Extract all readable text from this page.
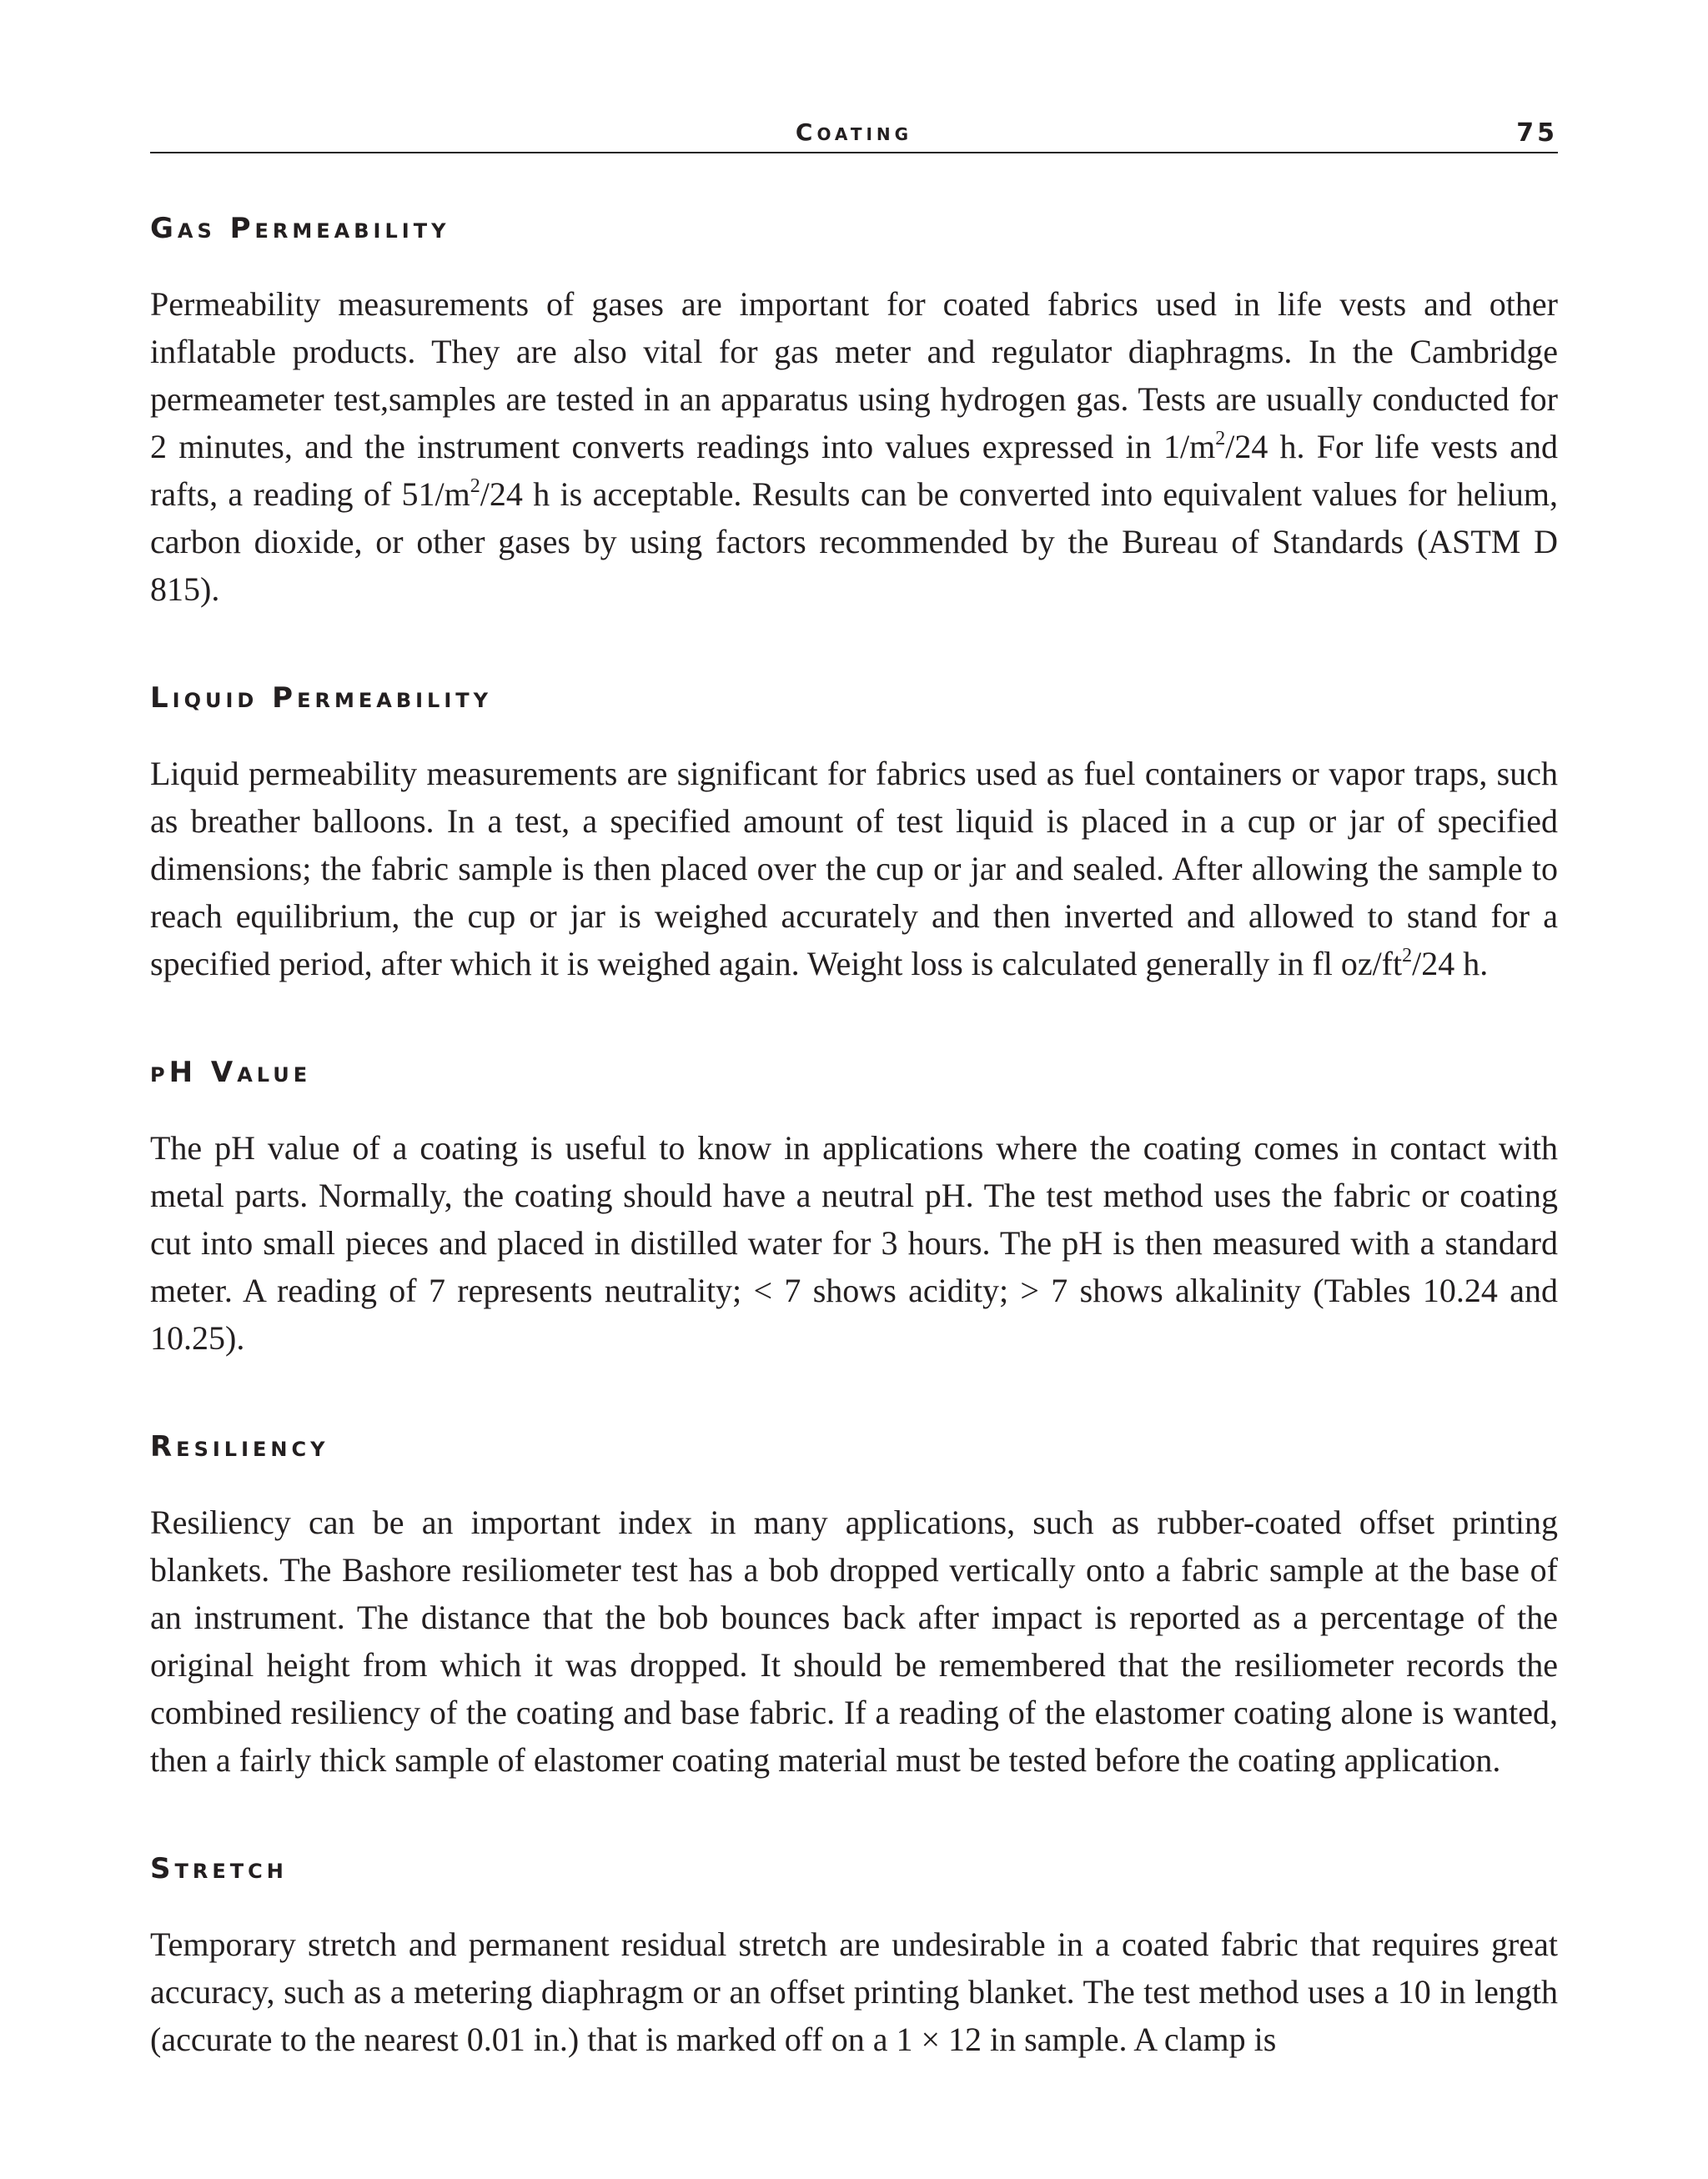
Coating	75
Gas Permeability

Permeability measurements of gases are important for coated fabrics used in life vests and other inflatable products. They are also vital for gas meter and regulator diaphragms. In the Cambridge permeameter test,samples are tested in an apparatus using hydrogen gas. Tests are usually conducted for 2 minutes, and the instrument converts readings into values expressed in $1/m^2/24$ h. For life vests and rafts, a reading of $51/m^2/24$ h is acceptable. Results can be converted into equivalent values for helium, carbon dioxide, or other gases by using factors recommended by the Bureau of Standards (ASTM D 815).

Liquid Permeability

Liquid permeability measurements are significant for fabrics used as fuel containers or vapor traps, such as breather balloons. In a test, a specified amount of test liquid is placed in a cup or jar of specified dimensions; the fabric sample is then placed over the cup or jar and sealed. After allowing the sample to reach equilibrium, the cup or jar is weighed accurately and then inverted and allowed to stand for a specified period, after which it is weighed again. Weight loss is calculated generally in fl $oz/ft^2/24$ h.

pH Value

The pH value of a coating is useful to know in applications where the coating comes in contact with metal parts. Normally, the coating should have a neutral pH. The test method uses the fabric or coating cut into small pieces and placed in distilled water for 3 hours. The pH is then measured with a standard meter. A reading of 7 represents neutrality; < 7 shows acidity; > 7 shows alkalinity (Tables 10.24 and 10.25).

Resiliency

Resiliency can be an important index in many applications, such as rubber-coated offset printing blankets. The Bashore resiliometer test has a bob dropped vertically onto a fabric sample at the base of an instrument. The distance that the bob bounces back after impact is reported as a percentage of the original height from which it was dropped. It should be remembered that the resiliometer records the combined resiliency of the coating and base fabric. If a reading of the elastomer coating alone is wanted, then a fairly thick sample of elastomer coating material must be tested before the coating application.

Stretch

Temporary stretch and permanent residual stretch are undesirable in a coated fabric that requires great accuracy, such as a metering diaphragm or an offset printing blanket. The test method uses a 10 in length (accurate to the nearest 0.01 in.) that is marked off on a 1 × 12 in sample. A clamp is
